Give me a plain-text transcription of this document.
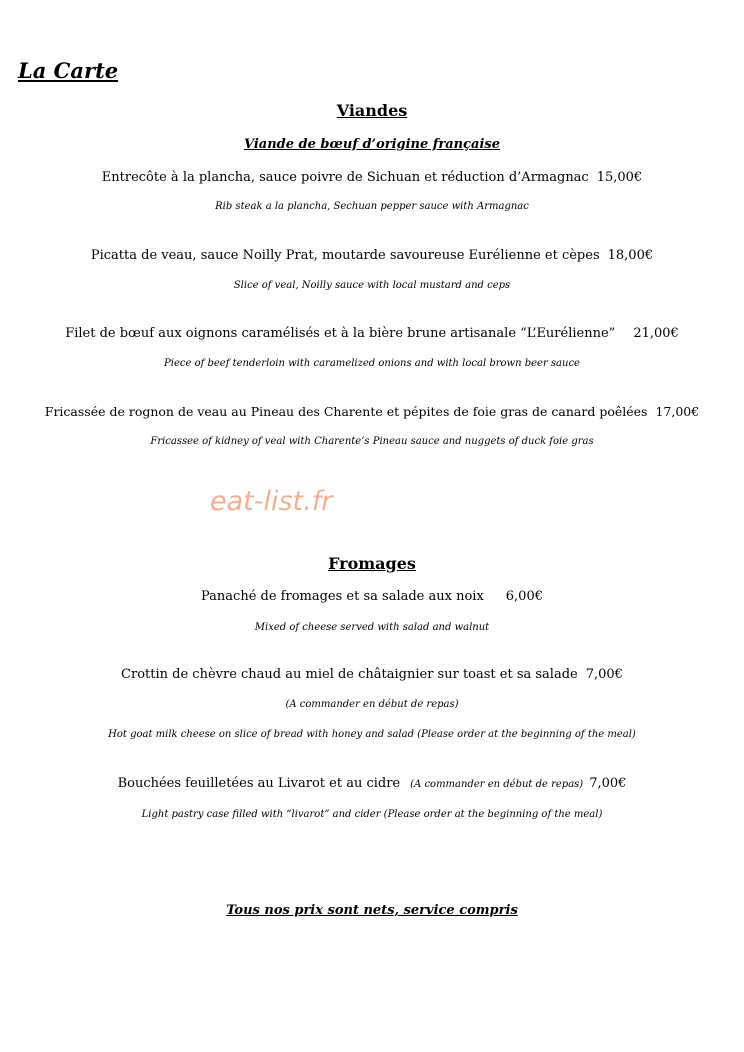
La Carte
Viandes
Viande de bœuf d’origine française
Entrecôte à la plancha, sauce poivre de Sichuan et réduction d’Armagnac 15,00€
Rib steak a la plancha, Sechuan pepper sauce with Armagnac
Picatta de veau, sauce Noilly Prat, moutarde savoureuse Eurélienne et cèpes 18,00€
Slice of veal, Noilly sauce with local mustard and ceps
Filet de bœuf aux oignons caramélisés et à la bière brune artisanale “L’Eurélienne” 21,00€
Piece of beef tenderloin with caramelized onions and with local brown beer sauce
Fricassée de rognon de veau au Pineau des Charente et pépites de foie gras de canard poêlées 17,00€
Fricassee of kidney of veal with Charente’s Pineau sauce and nuggets of duck foie gras
eat-list.fr
Fromages
Panaché de fromages et sa salade aux noix 6,00€
Mixed of cheese served with salad and walnut
Crottin de chèvre chaud au miel de châtaignier sur toast et sa salade 7,00€
(A commander en début de repas)
Hot goat milk cheese on slice of bread with honey and salad (Please order at the beginning of the meal)
Bouchées feuilletées au Livarot et au cidre (A commander en début de repas) 7,00€
Light pastry case filled with “livarot” and cider (Please order at the beginning of the meal)
Tous nos prix sont nets, service compris
